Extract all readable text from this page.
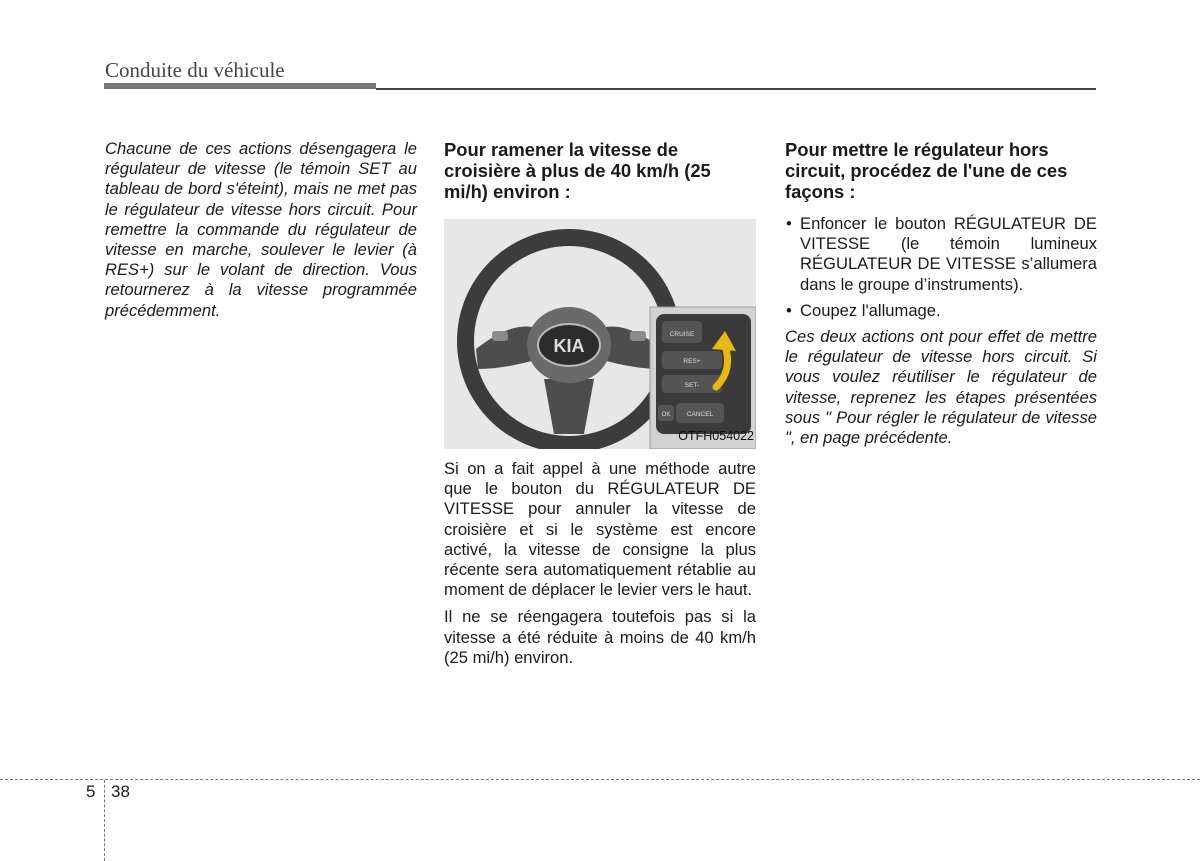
Conduite du véhicule

Chacune de ces actions désengagera le régulateur de vitesse (le témoin SET au tableau de bord s'éteint), mais ne met pas le régulateur de vitesse hors circuit. Pour remettre la commande du régulateur de vitesse en marche, soulever le levier (à RES+) sur le volant de direction. Vous retournerez à la vitesse programmée précédemment.

Pour ramener la vitesse de croisière à plus de 40 km/h (25 mi/h) environ :
KIA
CRUISE
RES+
SET-
CANCEL
OK
OTFH054022

Si on a fait appel à une méthode autre que le bouton du RÉGULATEUR DE VITESSE pour annuler la vitesse de croisière et si le système est encore activé, la vitesse de consigne la plus récente sera automatiquement rétablie au moment de déplacer le levier vers le haut.

Il ne se réengagera toutefois pas si la vitesse a été réduite à moins de 40 km/h (25 mi/h) environ.

Pour mettre le régulateur hors circuit, procédez de l'une de ces façons :
• Enfoncer le bouton RÉGULATEUR DE VITESSE (le témoin lumineux RÉGULATEUR DE VITESSE s’allumera dans le groupe d’instruments).
• Coupez l'allumage.

Ces deux actions ont pour effet de mettre le régulateur de vitesse hors circuit. Si vous voulez réutiliser le régulateur de vitesse, reprenez les étapes présentées sous " Pour régler le régulateur de vitesse ", en page précédente.

5 38
